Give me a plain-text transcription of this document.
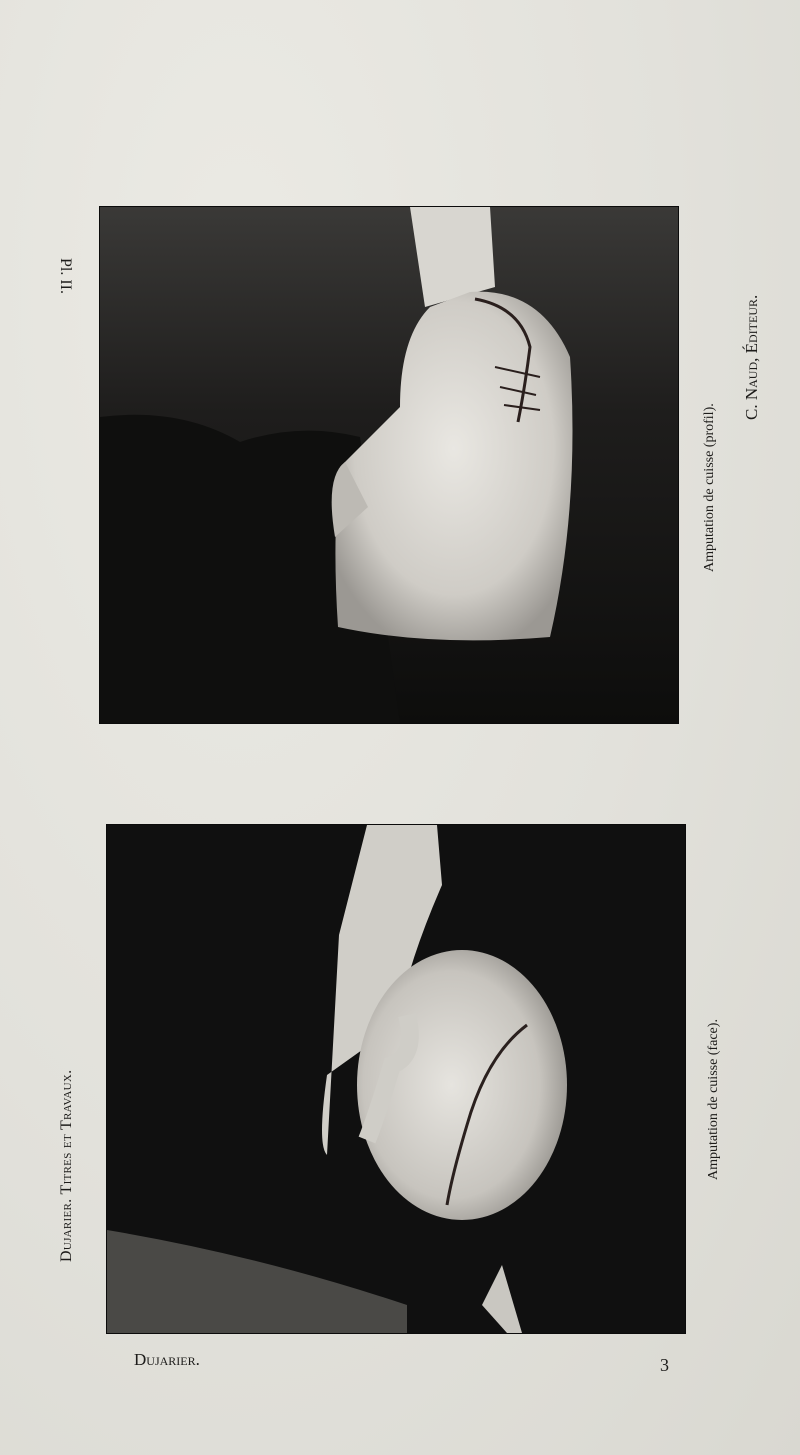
Dujarier. Titres et Travaux.
Pl. II.
Amputation de cuisse (profil).
C. Naud, Éditeur.
Amputation de cuisse (face).
Dujarier.	3
